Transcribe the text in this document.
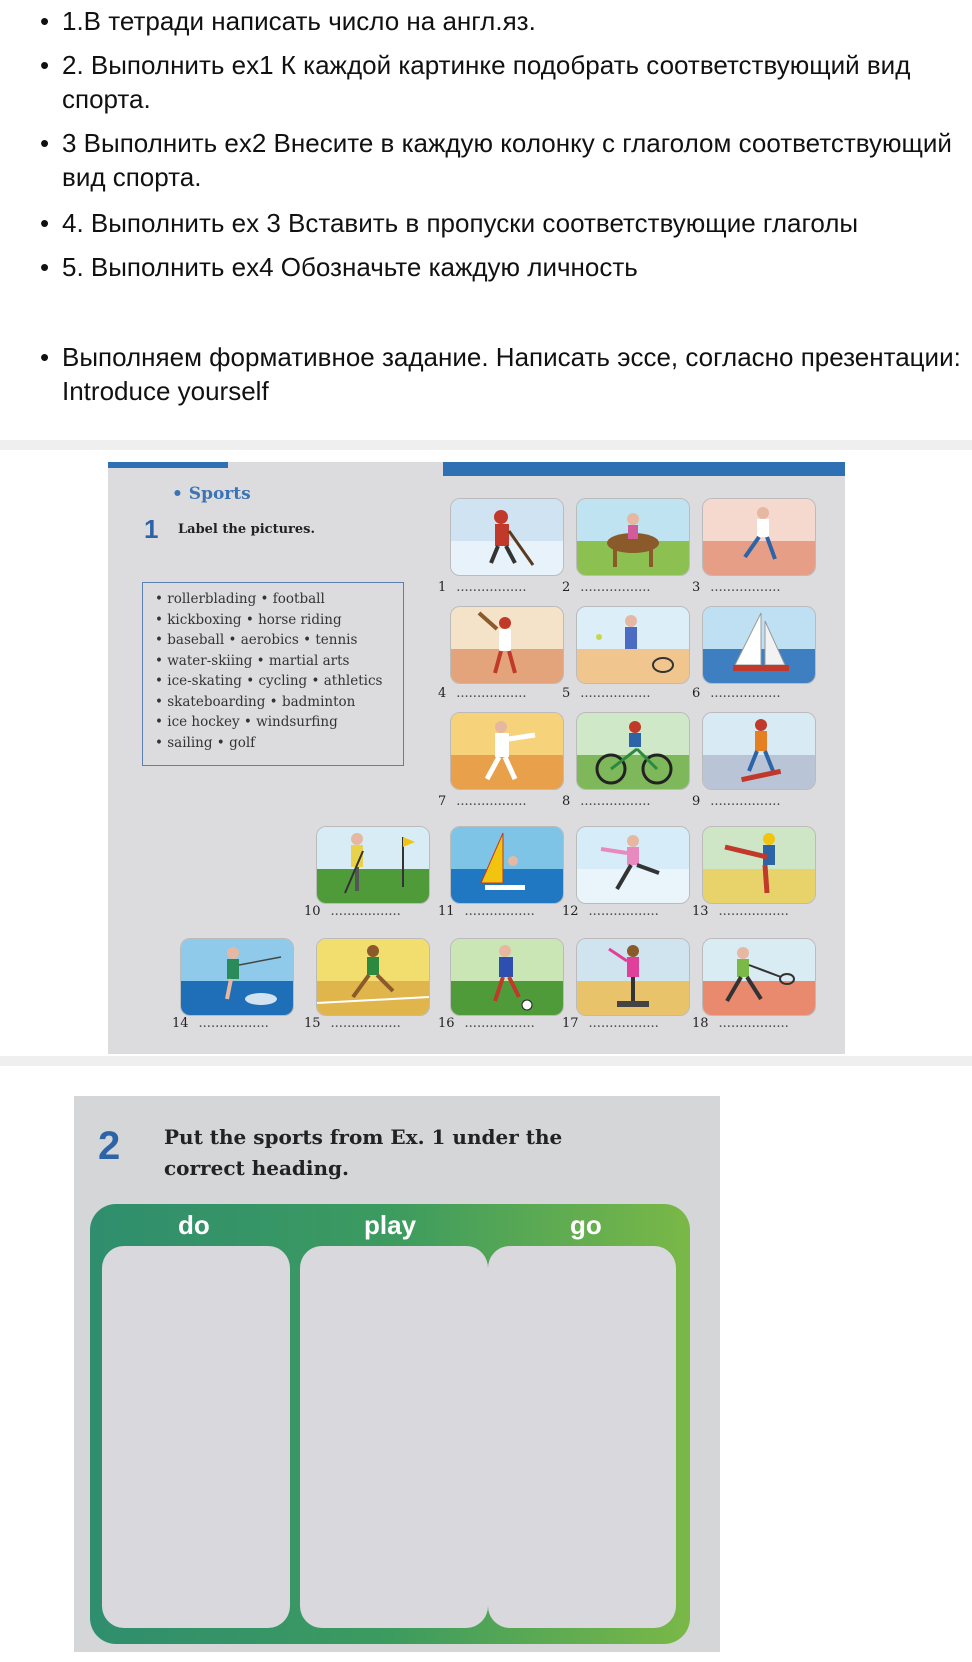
• 1.В тетради написать число на англ.яз.
• 2. Выполнить ex1 К каждой картинке подобрать соответствующий вид спорта.
• 3 Выполнить ex2 Внесите в каждую колонку с глаголом соответствующий вид спорта.
• 4. Выполнить ex 3 Вставить в пропуски соответствующие глаголы
• 5. Выполнить ex4 Обозначьте каждую личность
• Выполняем формативное задание. Написать эссе, согласно презентации: Introduce yourself
• Sports
1 Label the pictures.
• rollerblading • football
• kickboxing • horse riding
• baseball • aerobics • tennis
• water-skiing • martial arts
• ice-skating • cycling • athletics
• skateboarding • badminton
• ice hockey • windsurfing
• sailing • golf
1 .................	2 .................	3 .................
4 .................	5 .................	6 .................
7 .................	8 .................	9 .................
10 .................	11 ................. 12 .................	13 .................
14 .................	15 .................	16 ................. 17 .................	18 .................
2 Put the sports from Ex. 1 under the
correct heading.
do	play	go
